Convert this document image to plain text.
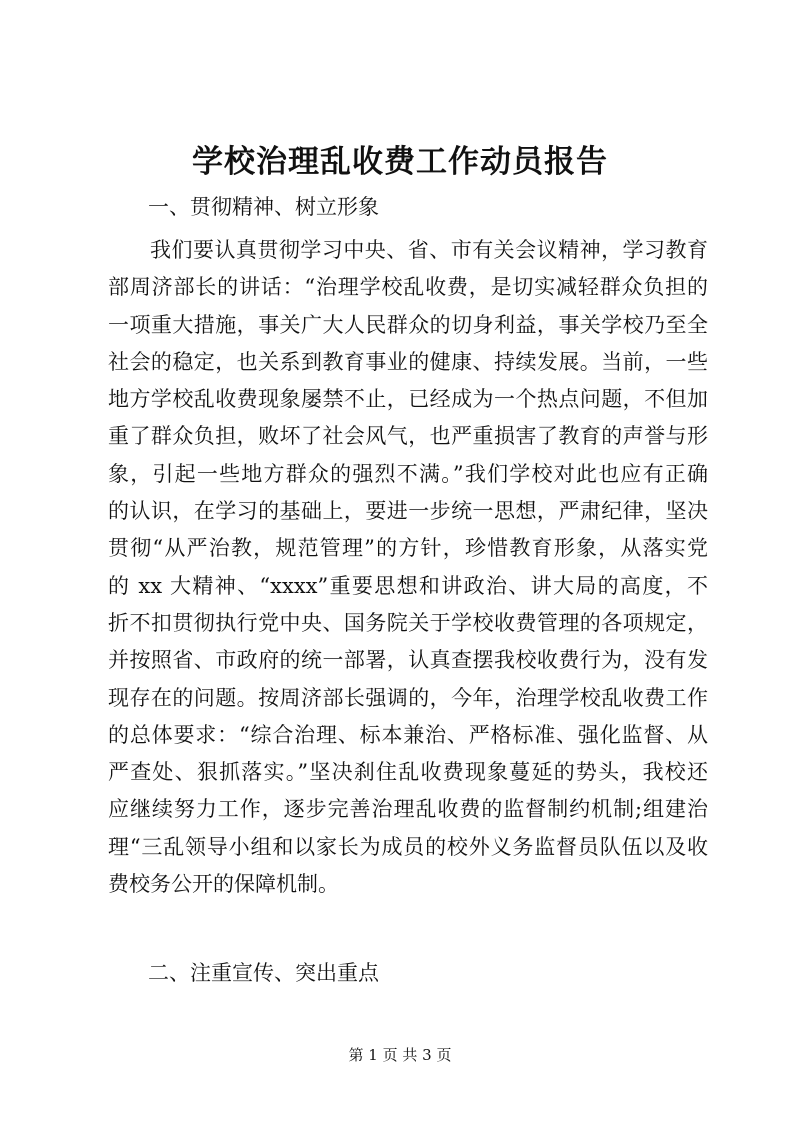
学校治理乱收费工作动员报告
一、贯彻精神、树立形象
我们要认真贯彻学习中央、省、市有关会议精神，学习教育
部周济部长的讲话：“治理学校乱收费，是切实减轻群众负担的
一项重大措施，事关广大人民群众的切身利益，事关学校乃至全
社会的稳定，也关系到教育事业的健康、持续发展。当前，一些
地方学校乱收费现象屡禁不止，已经成为一个热点问题，不但加
重了群众负担，败坏了社会风气，也严重损害了教育的声誉与形
象，引起一些地方群众的强烈不满。”我们学校对此也应有正确
的认识，在学习的基础上，要进一步统一思想，严肃纪律，坚决
贯彻“从严治教，规范管理”的方针，珍惜教育形象，从落实党
的 xx 大精神、“xxxx”重要思想和讲政治、讲大局的高度，不
折不扣贯彻执行党中央、国务院关于学校收费管理的各项规定，
并按照省、市政府的统一部署，认真查摆我校收费行为，没有发
现存在的问题。按周济部长强调的，今年，治理学校乱收费工作
的总体要求：“综合治理、标本兼治、严格标准、强化监督、从
严查处、狠抓落实。”坚决刹住乱收费现象蔓延的势头，我校还
应继续努力工作，逐步完善治理乱收费的监督制约机制;组建治
理“三乱领导小组和以家长为成员的校外义务监督员队伍以及收
费校务公开的保障机制。
二、注重宣传、突出重点
第 1 页 共 3 页
